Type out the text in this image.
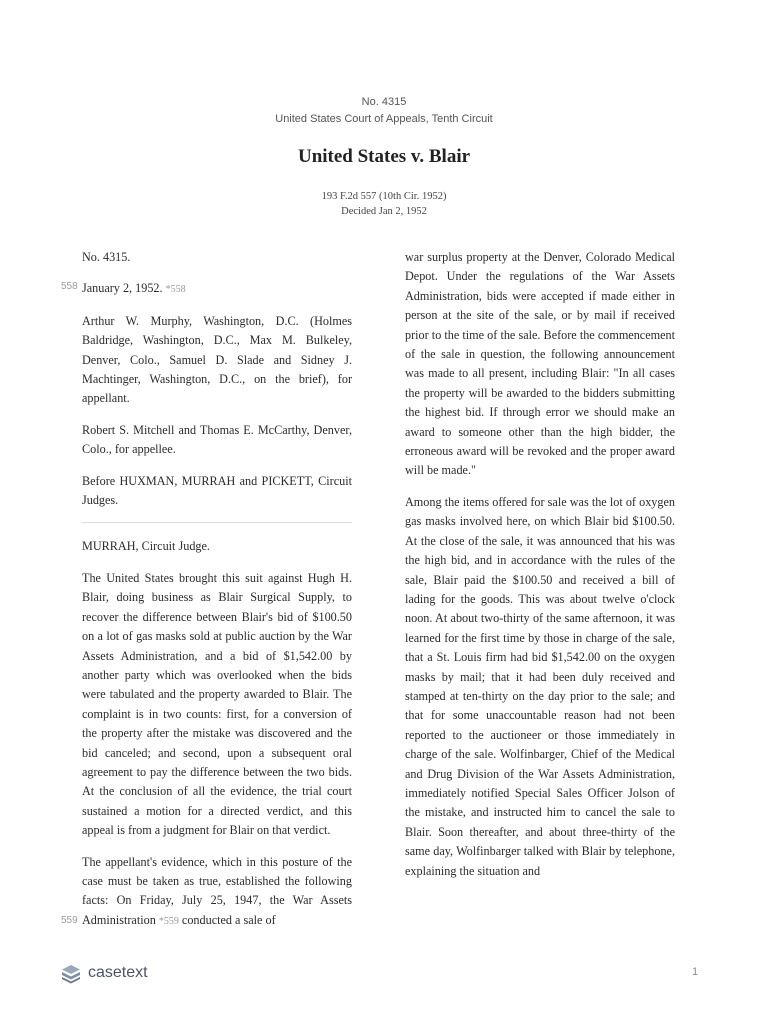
No. 4315
United States Court of Appeals, Tenth Circuit
United States v. Blair
193 F.2d 557 (10th Cir. 1952)
Decided Jan 2, 1952
558
559

No. 4315.

January 2, 1952. *558

Arthur W. Murphy, Washington, D.C. (Holmes Baldridge, Washington, D.C., Max M. Bulkeley, Denver, Colo., Samuel D. Slade and Sidney J. Machtinger, Washington, D.C., on the brief), for appellant.

Robert S. Mitchell and Thomas E. McCarthy, Denver, Colo., for appellee.

Before HUXMAN, MURRAH and PICKETT, Circuit Judges.

MURRAH, Circuit Judge.

The United States brought this suit against Hugh H. Blair, doing business as Blair Surgical Supply, to recover the difference between Blair's bid of $100.50 on a lot of gas masks sold at public auction by the War Assets Administration, and a bid of $1,542.00 by another party which was overlooked when the bids were tabulated and the property awarded to Blair. The complaint is in two counts: first, for a conversion of the property after the mistake was discovered and the bid canceled; and second, upon a subsequent oral agreement to pay the difference between the two bids. At the conclusion of all the evidence, the trial court sustained a motion for a directed verdict, and this appeal is from a judgment for Blair on that verdict.

The appellant's evidence, which in this posture of the case must be taken as true, established the following facts: On Friday, July 25, 1947, the War Assets Administration *559 conducted a sale of

war surplus property at the Denver, Colorado Medical Depot. Under the regulations of the War Assets Administration, bids were accepted if made either in person at the site of the sale, or by mail if received prior to the time of the sale. Before the commencement of the sale in question, the following announcement was made to all present, including Blair: "In all cases the property will be awarded to the bidders submitting the highest bid. If through error we should make an award to someone other than the high bidder, the erroneous award will be revoked and the proper award will be made."

Among the items offered for sale was the lot of oxygen gas masks involved here, on which Blair bid $100.50. At the close of the sale, it was announced that his was the high bid, and in accordance with the rules of the sale, Blair paid the $100.50 and received a bill of lading for the goods. This was about twelve o'clock noon. At about two-thirty of the same afternoon, it was learned for the first time by those in charge of the sale, that a St. Louis firm had bid $1,542.00 on the oxygen masks by mail; that it had been duly received and stamped at ten-thirty on the day prior to the sale; and that for some unaccountable reason had not been reported to the auctioneer or those immediately in charge of the sale. Wolfinbarger, Chief of the Medical and Drug Division of the War Assets Administration, immediately notified Special Sales Officer Jolson of the mistake, and instructed him to cancel the sale to Blair. Soon thereafter, and about three-thirty of the same day, Wolfinbarger talked with Blair by telephone, explaining the situation and

casetext	1
